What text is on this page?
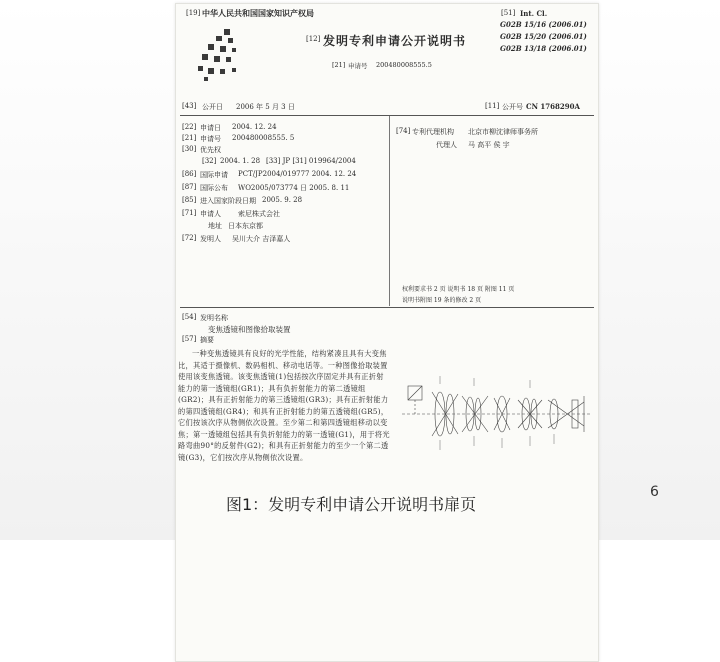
[19] 中华人民共和国国家知识产权局
[12] 发明专利申请公开说明书
[21] 申请号 200480008555.5
[51] Int. Cl.
G02B 15/16 (2006.01)
G02B 15/20 (2006.01)
G02B 13/18 (2006.01)
[43] 公开日 2006 年 5 月 3 日	[11] 公开号 CN 1768290A
[22] 申请日 2004. 12. 24
[21] 申请号 200480008555. 5
[30] 优先权
[32] 2004. 1. 28 [33] JP [31] 019964/2004
[86] 国际申请 PCT/JP2004/019777 2004. 12. 24
[87] 国际公布 WO2005/073774 日 2005. 8. 11
[85] 进入国家阶段日期 2005. 9. 28
[71] 申请人 索尼株式会社
地址 日本东京都
[72] 发明人 吴川大介 吉泽嘉人
[74] 专利代理机构 北京市柳沈律师事务所
代理人 马 高平 侯 宇
权利要求书 2 页 说明书 18 页 附图 11 页
说明书附图 19 条的修改 2 页
[54] 发明名称
变焦透镜和图像拾取装置
[57] 摘要
一种变焦透镜具有良好的光学性能，结构紧凑且具有大变焦比，其适于摄像机、数码相机、移动电话等。一种图像拾取装置使用该变焦透镜。该变焦透镜(1)包括按次序固定并具有正折射能力的第一透镜组(GR1)；具有负折射能力的第二透镜组(GR2)；具有正折射能力的第三透镜组(GR3)；具有正折射能力的第四透镜组(GR4)；和具有正折射能力的第五透镜组(GR5)，它们按该次序从物侧依次设置。至少第二和第四透镜组移动以变焦；第一透镜组包括具有负折射能力的第一透镜(G1)，用于将光路弯曲90°的反射件(G2)；和具有正折射能力的至少一个第二透镜(G3)，它们按次序从物侧依次设置。
图1：发明专利申请公开说明书扉页
6
